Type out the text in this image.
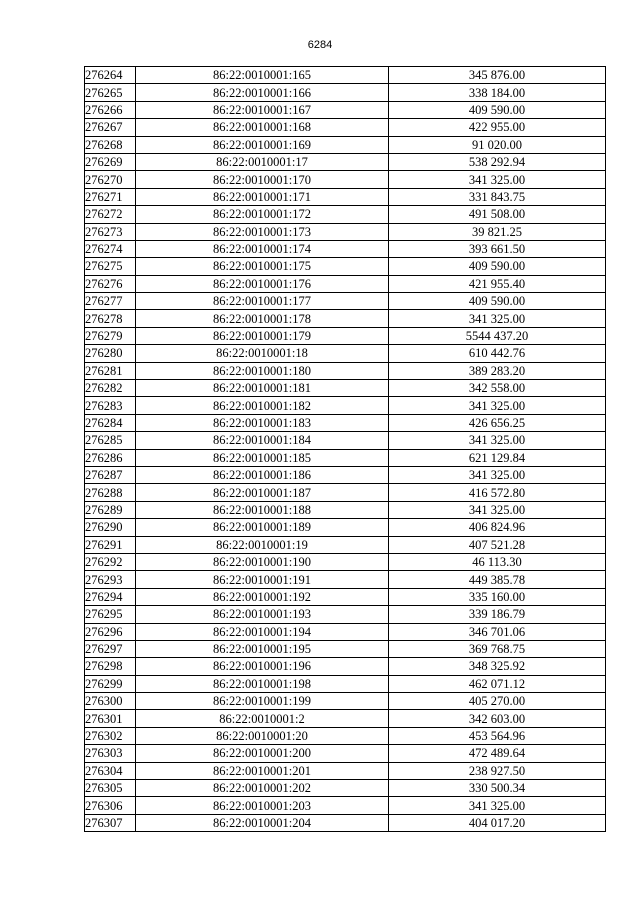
6284
276264	86:22:0010001:165	345 876.00
276265	86:22:0010001:166	338 184.00
276266	86:22:0010001:167	409 590.00
276267	86:22:0010001:168	422 955.00
276268	86:22:0010001:169	91 020.00
276269	86:22:0010001:17	538 292.94
276270	86:22:0010001:170	341 325.00
276271	86:22:0010001:171	331 843.75
276272	86:22:0010001:172	491 508.00
276273	86:22:0010001:173	39 821.25
276274	86:22:0010001:174	393 661.50
276275	86:22:0010001:175	409 590.00
276276	86:22:0010001:176	421 955.40
276277	86:22:0010001:177	409 590.00
276278	86:22:0010001:178	341 325.00
276279	86:22:0010001:179	5544 437.20
276280	86:22:0010001:18	610 442.76
276281	86:22:0010001:180	389 283.20
276282	86:22:0010001:181	342 558.00
276283	86:22:0010001:182	341 325.00
276284	86:22:0010001:183	426 656.25
276285	86:22:0010001:184	341 325.00
276286	86:22:0010001:185	621 129.84
276287	86:22:0010001:186	341 325.00
276288	86:22:0010001:187	416 572.80
276289	86:22:0010001:188	341 325.00
276290	86:22:0010001:189	406 824.96
276291	86:22:0010001:19	407 521.28
276292	86:22:0010001:190	46 113.30
276293	86:22:0010001:191	449 385.78
276294	86:22:0010001:192	335 160.00
276295	86:22:0010001:193	339 186.79
276296	86:22:0010001:194	346 701.06
276297	86:22:0010001:195	369 768.75
276298	86:22:0010001:196	348 325.92
276299	86:22:0010001:198	462 071.12
276300	86:22:0010001:199	405 270.00
276301	86:22:0010001:2	342 603.00
276302	86:22:0010001:20	453 564.96
276303	86:22:0010001:200	472 489.64
276304	86:22:0010001:201	238 927.50
276305	86:22:0010001:202	330 500.34
276306	86:22:0010001:203	341 325.00
276307	86:22:0010001:204	404 017.20
